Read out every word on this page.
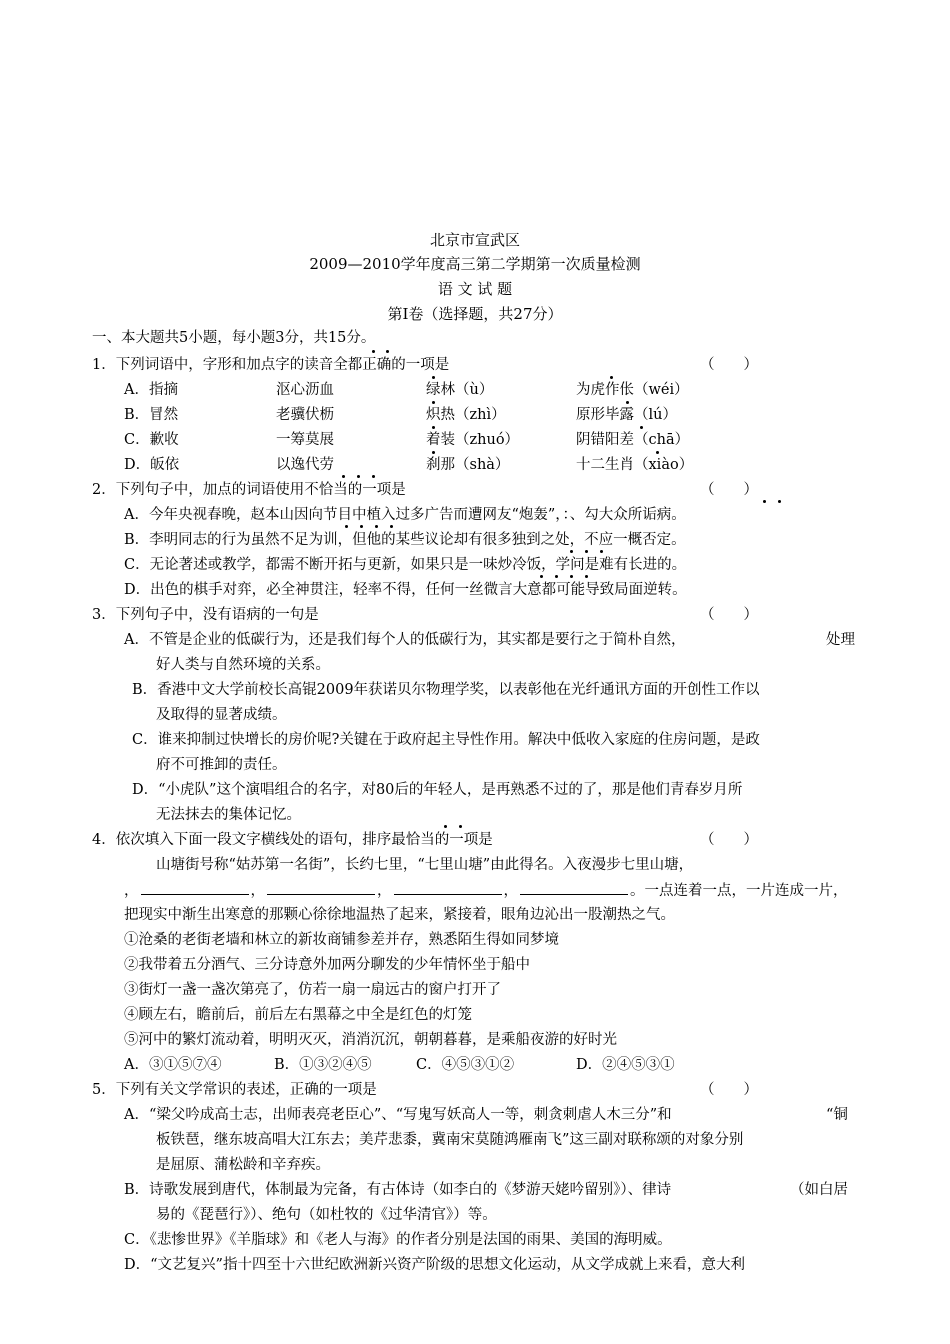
北京市宣武区
2009—2010学年度高三第二学期第一次质量检测
语 文 试 题
第Ⅰ卷（选择题，共27分）
一、本大题共5小题，每小题3分，共15分。
1．下列词语中，字形和加点字的读音全都正确的一项是	（　　）
A．指摘	沤心沥血	绿林（ù）	为虎作伥（wéi）
B．冒然	老骥伏枥	炽热（zhì）	原形毕露（lú）
C．歉收	一筹莫展	着装（zhuó）	阴错阳差（chā）
D．皈依	以逸代劳	刹那（shà）	十二生肖（xiào）
2．下列句子中，加点的词语使用不恰当的一项是	（　　）
A．今年央视春晚，赵本山因向节目中植入过多广告而遭网友“炮轰”，：、勾大众所诟病。
B．李明同志的行为虽然不足为训，但他的某些议论却有很多独到之处，不应一概否定。
C．无论著述或教学，都需不断开拓与更新，如果只是一味炒冷饭，学问是难有长进的。
D．出色的棋手对弈，必全神贯注，轻率不得，任何一丝微言大意都可能导致局面逆转。
3．下列句子中，没有语病的一句是	（　　）
A．不管是企业的低碳行为，还是我们每个人的低碳行为，其实都是要行之于简朴自然，	处理
好人类与自然环境的关系。
B．香港中文大学前校长高锟2009年获诺贝尔物理学奖，以表彰他在光纤通讯方面的开创性工作以
及取得的显著成绩。
C．谁来抑制过快增长的房价呢?关键在于政府起主导性作用。解决中低收入家庭的住房问题，是政
府不可推卸的责任。
D．“小虎队”这个演唱组合的名字，对80后的年轻人，是再熟悉不过的了，那是他们青春岁月所
无法抹去的集体记忆。
4．依次填入下面一段文字横线处的语句，排序最恰当的一项是	（　　）
山塘街号称“姑苏第一名街”，长约七里，“七里山塘”由此得名。入夜漫步七里山塘，
，	，	，	，	。一点连着一点，一片连成一片，
把现实中渐生出寒意的那颗心徐徐地温热了起来，紧接着，眼角边沁出一股潮热之气。
①沧桑的老街老墙和林立的新妆商铺参差并存，熟悉陌生得如同梦境
②我带着五分酒气、三分诗意外加两分聊发的少年情怀坐于船中
③街灯一盏一盏次第亮了，仿若一扇一扇远古的窗户打开了
④顾左右，瞻前后，前后左右黑幕之中全是红色的灯笼
⑤河中的繁灯流动着，明明灭灭，消消沉沉，朝朝暮暮，是乘船夜游的好时光
A．③①⑤⑦④	B．①③②④⑤	C．④⑤③①②	D．②④⑤③①
5．下列有关文学常识的表述，正确的一项是	（　　）
A．“梁父吟成高士志，出师表亮老臣心”、“写鬼写妖高人一等，刺贪刺虐人木三分”和	“铜
板铁琶，继东坡高唱大江东去；美芹悲黍，冀南宋莫随鸿雁南飞”这三副对联称颂的对象分别
是屈原、蒲松龄和辛弃疾。
B．诗歌发展到唐代，体制最为完备，有古体诗（如李白的《梦游天姥吟留别》）、律诗	（如白居
易的《琵琶行》）、绝句（如杜牧的《过华清官》）等。
C．《悲惨世界》《羊脂球》和《老人与海》的作者分别是法国的雨果、美国的海明威。
D．“文艺复兴”指十四至十六世纪欧洲新兴资产阶级的思想文化运动，从文学成就上来看，意大利
